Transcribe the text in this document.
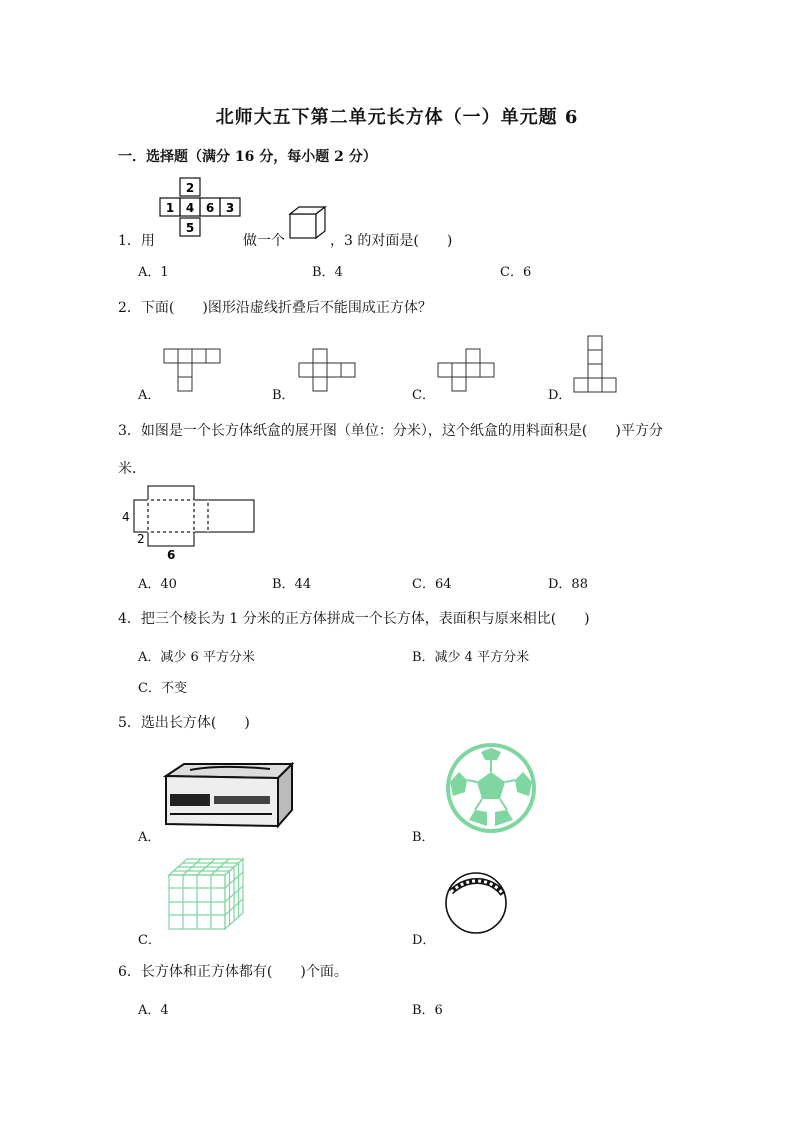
北师大五下第二单元长方体（一）单元题 6
一．选择题（满分 16 分，每小题 2 分）
1．用
2
1 4 6 3
5
做一个	，3 的对面是(　　)
A．1	B．4	C．6
2．下面(　　)图形沿虚线折叠后不能围成正方体？
A．	B．	C．	D．
3．如图是一个长方体纸盒的展开图（单位：分米），这个纸盒的用料面积是(　　)平方分
米．
4
2
6
A．40	B．44	C．64	D．88
4．把三个棱长为 1 分米的正方体拼成一个长方体，表面积与原来相比(　　)
A．减少 6 平方分米	B．减少 4 平方分米
C．不变
5．选出长方体(　　)
A．	B．
C．	D．
6．长方体和正方体都有(　　)个面。
A．4	B．6
